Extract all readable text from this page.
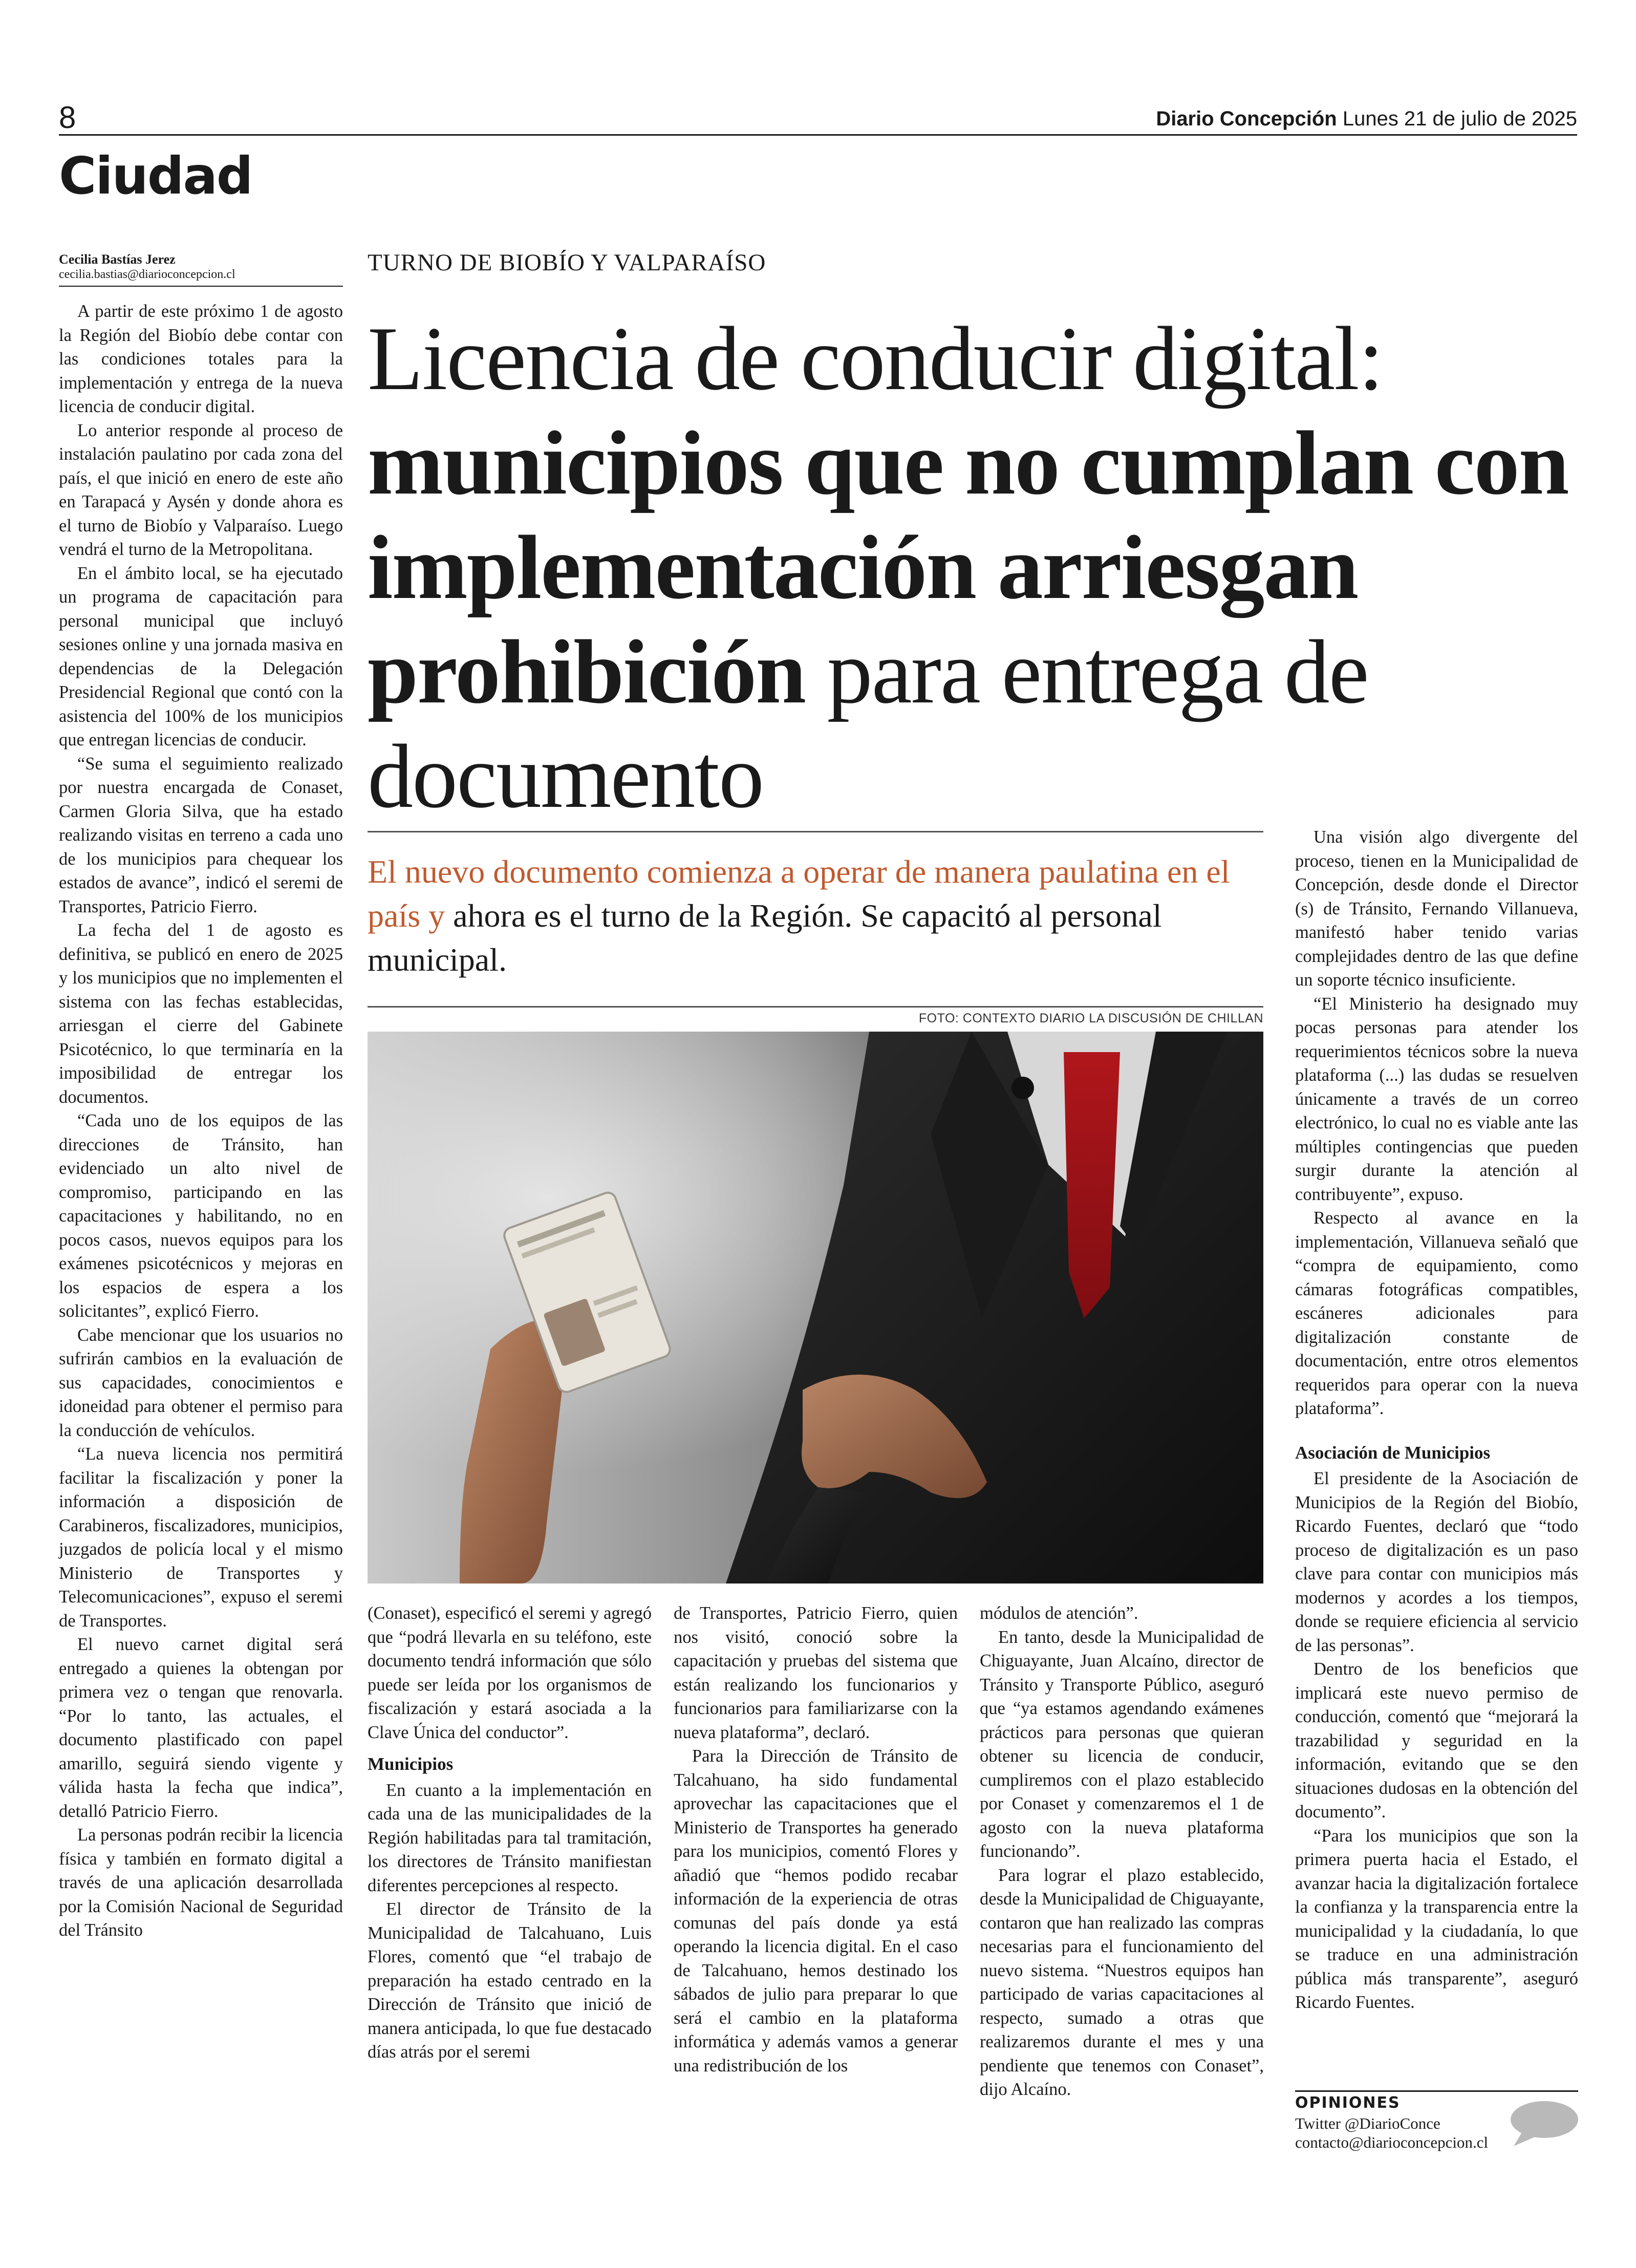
8	Diario Concepción Lunes 21 de julio de 2025
Ciudad
Cecilia Bastías Jerez
cecilia.bastias@diarioconcepcion.cl	TURNO DE BIOBÍO Y VALPARAÍSO
Licencia de conducir digital:
municipios que no cumplan con implementación arriesgan prohibición para entrega de documento
El nuevo documento comienza a operar de manera paulatina en el país y ahora es el turno de la Región. Se capacitó al personal municipal.
FOTO: CONTEXTO DIARIO LA DISCUSIÓN DE CHILLAN

A partir de este próximo 1 de agosto la Región del Biobío debe contar con las condiciones totales para la implementación y entrega de la nueva licencia de conducir digital.

Lo anterior responde al proceso de instalación paulatino por cada zona del país, el que inició en enero de este año en Tarapacá y Aysén y donde ahora es el turno de Biobío y Valparaíso. Luego vendrá el turno de la Metropolitana.

En el ámbito local, se ha ejecutado un programa de capacitación para personal municipal que incluyó sesiones online y una jornada masiva en dependencias de la Delegación Presidencial Regional que contó con la asistencia del 100% de los municipios que entregan licencias de conducir.

“Se suma el seguimiento realizado por nuestra encargada de Conaset, Carmen Gloria Silva, que ha estado realizando visitas en terreno a cada uno de los municipios para chequear los estados de avance”, indicó el seremi de Transportes, Patricio Fierro.

La fecha del 1 de agosto es definitiva, se publicó en enero de 2025 y los municipios que no implementen el sistema con las fechas establecidas, arriesgan el cierre del Gabinete Psicotécnico, lo que terminaría en la imposibilidad de entregar los documentos.

“Cada uno de los equipos de las direcciones de Tránsito, han evidenciado un alto nivel de compromiso, participando en las capacitaciones y habilitando, no en pocos casos, nuevos equipos para los exámenes psicotécnicos y mejoras en los espacios de espera a los solicitantes”, explicó Fierro.

Cabe mencionar que los usuarios no sufrirán cambios en la evaluación de sus capacidades, conocimientos e idoneidad para obtener el permiso para la conducción de vehículos.

“La nueva licencia nos permitirá facilitar la fiscalización y poner la información a disposición de Carabineros, fiscalizadores, municipios, juzgados de policía local y el mismo Ministerio de Transportes y Telecomunicaciones”, expuso el seremi de Transportes.

El nuevo carnet digital será entregado a quienes la obtengan por primera vez o tengan que renovarla. “Por lo tanto, las actuales, el documento plastificado con papel amarillo, seguirá siendo vigente y válida hasta la fecha que indica”, detalló Patricio Fierro.

La personas podrán recibir la licencia física y también en formato digital a través de una aplicación desarrollada por la Comisión Nacional de Seguridad del Tránsito

(Conaset), especificó el seremi y agregó que “podrá llevarla en su teléfono, este documento tendrá información que sólo puede ser leída por los organismos de fiscalización y estará asociada a la Clave Única del conductor”.

Municipios

En cuanto a la implementación en cada una de las municipalidades de la Región habilitadas para tal tramitación, los directores de Tránsito manifiestan diferentes percepciones al respecto.

El director de Tránsito de la Municipalidad de Talcahuano, Luis Flores, comentó que “el trabajo de preparación ha estado centrado en la Dirección de Tránsito que inició de manera anticipada, lo que fue destacado días atrás por el seremi

de Transportes, Patricio Fierro, quien nos visitó, conoció sobre la capacitación y pruebas del sistema que están realizando los funcionarios y funcionarios para familiarizarse con la nueva plataforma”, declaró.

Para la Dirección de Tránsito de Talcahuano, ha sido fundamental aprovechar las capacitaciones que el Ministerio de Transportes ha generado para los municipios, comentó Flores y añadió que “hemos podido recabar información de la experiencia de otras comunas del país donde ya está operando la licencia digital. En el caso de Talcahuano, hemos destinado los sábados de julio para preparar lo que será el cambio en la plataforma informática y además vamos a generar una redistribución de los

módulos de atención”.

En tanto, desde la Municipalidad de Chiguayante, Juan Alcaíno, director de Tránsito y Transporte Público, aseguró que “ya estamos agendando exámenes prácticos para personas que quieran obtener su licencia de conducir, cumpliremos con el plazo establecido por Conaset y comenzaremos el 1 de agosto con la nueva plataforma funcionando”.

Para lograr el plazo establecido, desde la Municipalidad de Chiguayante, contaron que han realizado las compras necesarias para el funcionamiento del nuevo sistema. “Nuestros equipos han participado de varias capacitaciones al respecto, sumado a otras que realizaremos durante el mes y una pendiente que tenemos con Conaset”, dijo Alcaíno.

Una visión algo divergente del proceso, tienen en la Municipalidad de Concepción, desde donde el Director (s) de Tránsito, Fernando Villanueva, manifestó haber tenido varias complejidades dentro de las que define un soporte técnico insuficiente.

“El Ministerio ha designado muy pocas personas para atender los requerimientos técnicos sobre la nueva plataforma (...) las dudas se resuelven únicamente a través de un correo electrónico, lo cual no es viable ante las múltiples contingencias que pueden surgir durante la atención al contribuyente”, expuso.

Respecto al avance en la implementación, Villanueva señaló que “compra de equipamiento, como cámaras fotográficas compatibles, escáneres adicionales para digitalización constante de documentación, entre otros elementos requeridos para operar con la nueva plataforma”.

Asociación de Municipios

El presidente de la Asociación de Municipios de la Región del Biobío, Ricardo Fuentes, declaró que “todo proceso de digitalización es un paso clave para contar con municipios más modernos y acordes a los tiempos, donde se requiere eficiencia al servicio de las personas”.

Dentro de los beneficios que implicará este nuevo permiso de conducción, comentó que “mejorará la trazabilidad y seguridad en la información, evitando que se den situaciones dudosas en la obtención del documento”.

“Para los municipios que son la primera puerta hacia el Estado, el avanzar hacia la digitalización fortalece la confianza y la transparencia entre la municipalidad y la ciudadanía, lo que se traduce en una administración pública más transparente”, aseguró Ricardo Fuentes.

OPINIONES
Twitter @DiarioConce
contacto@diarioconcepcion.cl
